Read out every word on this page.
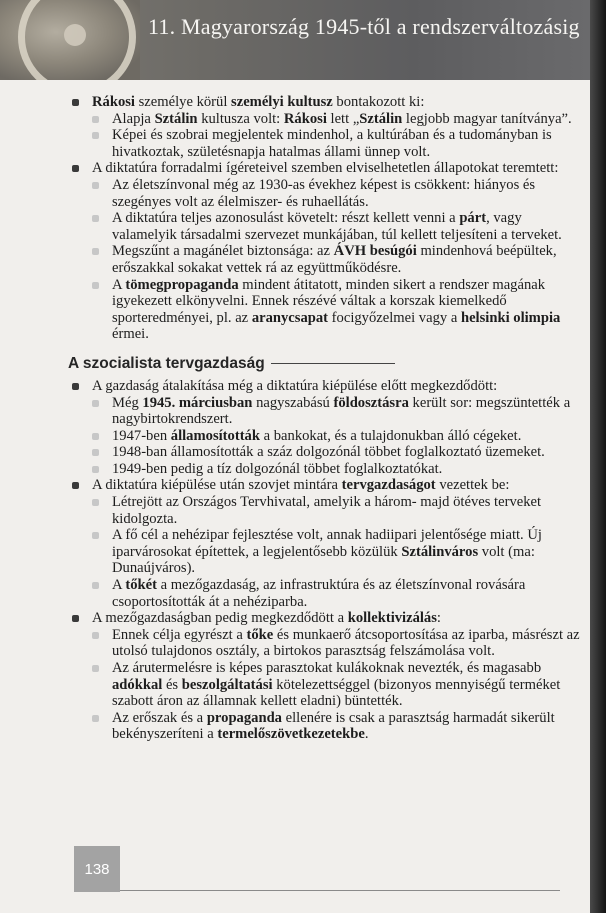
11. Magyarország 1945-től a rendszerváltozásig

Rákosi személye körül személyi kultusz bontakozott ki:

Alapja Sztálin kultusza volt: Rákosi lett „Sztálin legjobb magyar tanítványa”.

Képei és szobrai megjelentek mindenhol, a kultúrában és a tudományban is hivatkoztak, születésnapja hatalmas állami ünnep volt.

A diktatúra forradalmi ígéreteivel szemben elviselhetetlen állapotokat teremtett:

Az életszínvonal még az 1930-as évekhez képest is csökkent: hiányos és szegényes volt az élelmiszer- és ruhaellátás.

A diktatúra teljes azonosulást követelt: részt kellett venni a párt, vagy valamelyik társadalmi szervezet munkájában, túl kellett teljesíteni a terveket.

Megszűnt a magánélet biztonsága: az ÁVH besúgói mindenhová beépültek, erőszakkal sokakat vettek rá az együttműködésre.

A tömegpropaganda mindent átitatott, minden sikert a rendszer magának igyekezett elkönyvelni. Ennek részévé váltak a korszak kiemelkedő sporteredményei, pl. az aranycsapat focigyőzelmei vagy a helsinki olimpia érmei.

A szocialista tervgazdaság

A gazdaság átalakítása még a diktatúra kiépülése előtt megkezdődött:

Még 1945. márciusban nagyszabású földosztásra került sor: megszüntették a nagybirtokrendszert.

1947-ben államosították a bankokat, és a tulajdonukban álló cégeket.

1948-ban államosították a száz dolgozónál többet foglalkoztató üzemeket.

1949-ben pedig a tíz dolgozónál többet foglalkoztatókat.

A diktatúra kiépülése után szovjet mintára tervgazdaságot vezettek be:

Létrejött az Országos Tervhivatal, amelyik a három- majd ötéves terveket kidolgozta.

A fő cél a nehézipar fejlesztése volt, annak hadiipari jelentősége miatt. Új iparvárosokat építettek, a legjelentősebb közülük Sztálinváros volt (ma: Dunaújváros).

A tőkét a mezőgazdaság, az infrastruktúra és az életszínvonal rovására csoportosították át a nehéziparba.

A mezőgazdaságban pedig megkezdődött a kollektivizálás:

Ennek célja egyrészt a tőke és munkaerő átcsoportosítása az iparba, másrészt az utolsó tulajdonos osztály, a birtokos parasztság felszámolása volt.

Az árutermelésre is képes parasztokat kulákoknak nevezték, és magasabb adókkal és beszolgáltatási kötelezettséggel (bizonyos mennyiségű terméket szabott áron az államnak kellett eladni) büntették.

Az erőszak és a propaganda ellenére is csak a parasztság harmadát sikerült bekényszeríteni a termelőszövetkezetekbe.

138
